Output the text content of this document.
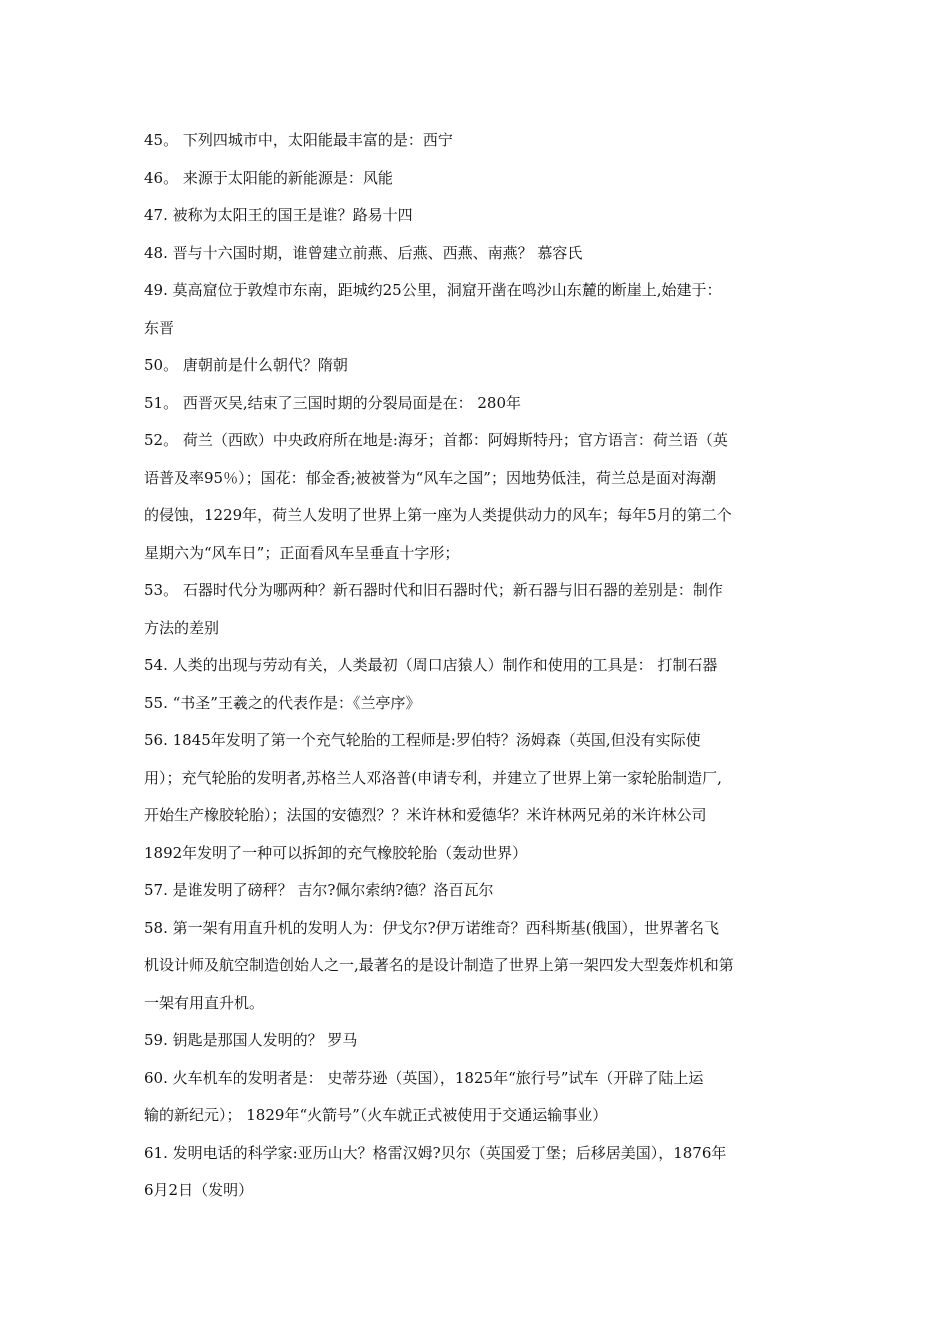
45。 下列四城市中，太阳能最丰富的是：西宁
46。 来源于太阳能的新能源是：风能
47. 被称为太阳王的国王是谁？路易十四
48. 晋与十六国时期，谁曾建立前燕、后燕、西燕、南燕？ 慕容氏
49. 莫高窟位于敦煌市东南，距城约25公里，洞窟开凿在鸣沙山东麓的断崖上,始建于：
东晋
50。 唐朝前是什么朝代？隋朝
51。 西晋灭吴,结束了三国时期的分裂局面是在： 280年
52。 荷兰（西欧）中央政府所在地是:海牙；首都：阿姆斯特丹；官方语言：荷兰语（英
语普及率95％）；国花：郁金香;被被誉为“风车之国”；因地势低洼，荷兰总是面对海潮
的侵蚀，1229年，荷兰人发明了世界上第一座为人类提供动力的风车；每年5月的第二个
星期六为“风车日”；正面看风车呈垂直十字形；
53。 石器时代分为哪两种？新石器时代和旧石器时代；新石器与旧石器的差别是：制作
方法的差别
54. 人类的出现与劳动有关，人类最初（周口店猿人）制作和使用的工具是： 打制石器
55. “书圣”王羲之的代表作是：《兰亭序》
56. 1845年发明了第一个充气轮胎的工程师是:罗伯特？汤姆森（英国,但没有实际使
用）；充气轮胎的发明者,苏格兰人邓洛普(申请专利，并建立了世界上第一家轮胎制造厂,
开始生产橡胶轮胎）；法国的安德烈？？米许林和爱德华？米许林两兄弟的米许林公司
1892年发明了一种可以拆卸的充气橡胶轮胎（轰动世界）
57. 是谁发明了磅秤？ 吉尔?佩尔索纳?德？洛百瓦尔
58. 第一架有用直升机的发明人为：伊戈尔?伊万诺维奇？西科斯基(俄国），世界著名飞
机设计师及航空制造创始人之一,最著名的是设计制造了世界上第一架四发大型轰炸机和第
一架有用直升机。
59. 钥匙是那国人发明的？ 罗马
60. 火车机车的发明者是： 史蒂芬逊（英国），1825年“旅行号”试车（开辟了陆上运
输的新纪元）； 1829年“火箭号”（火车就正式被使用于交通运输事业）
61. 发明电话的科学家:亚历山大？格雷汉姆?贝尔（英国爱丁堡；后移居美国），1876年
6月2日（发明）
